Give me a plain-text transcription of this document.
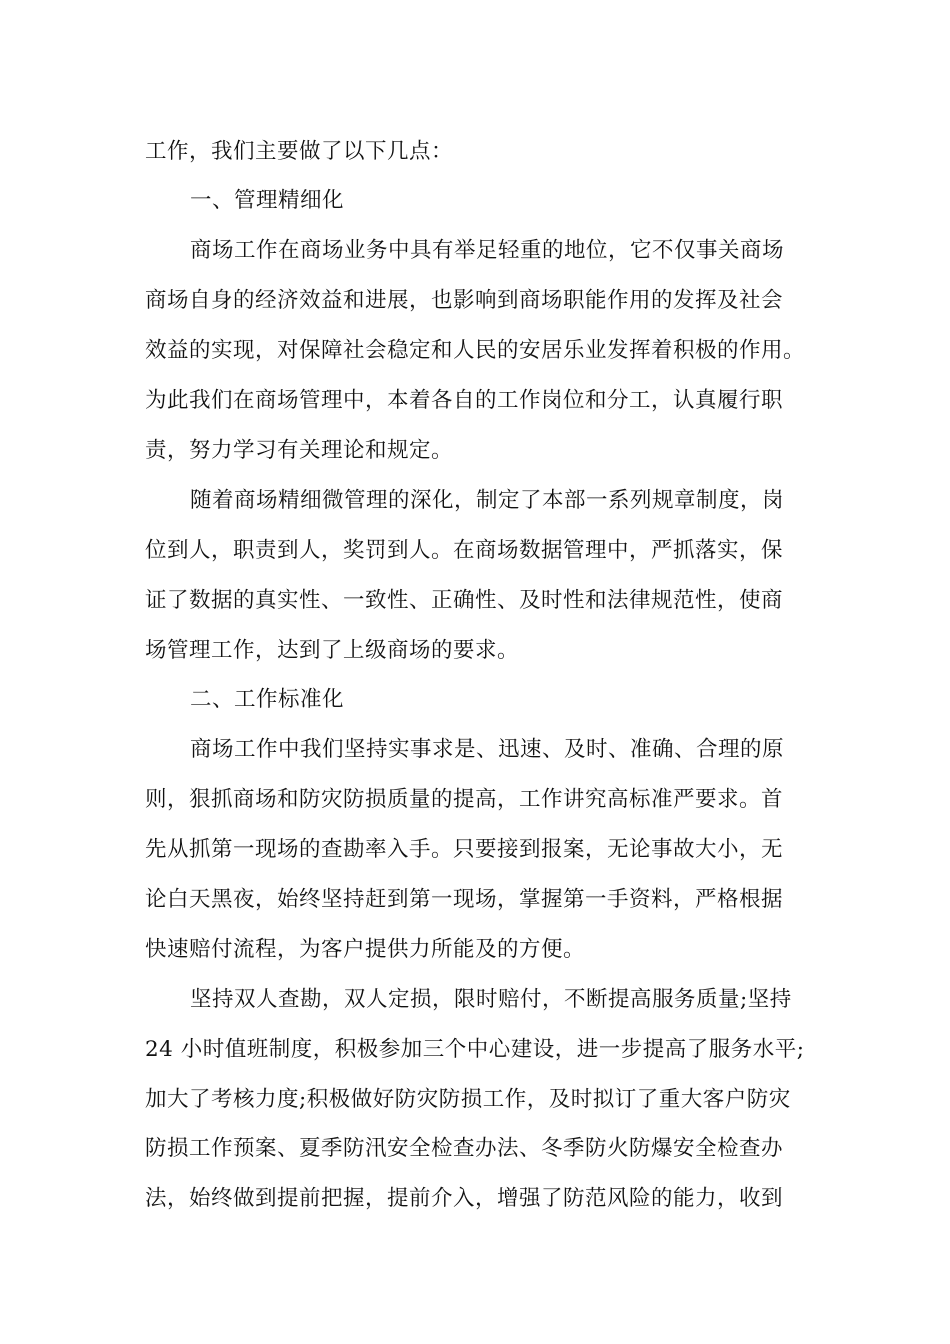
工作，我们主要做了以下几点：
一、管理精细化
商场工作在商场业务中具有举足轻重的地位，它不仅事关商场
商场自身的经济效益和进展，也影响到商场职能作用的发挥及社会
效益的实现，对保障社会稳定和人民的安居乐业发挥着积极的作用。
为此我们在商场管理中，本着各自的工作岗位和分工，认真履行职
责，努力学习有关理论和规定。
随着商场精细微管理的深化，制定了本部一系列规章制度，岗
位到人，职责到人，奖罚到人。在商场数据管理中，严抓落实，保
证了数据的真实性、一致性、正确性、及时性和法律规范性，使商
场管理工作，达到了上级商场的要求。
二、工作标准化
商场工作中我们坚持实事求是、迅速、及时、准确、合理的原
则，狠抓商场和防灾防损质量的提高，工作讲究高标准严要求。首
先从抓第一现场的查勘率入手。只要接到报案，无论事故大小，无
论白天黑夜，始终坚持赶到第一现场，掌握第一手资料，严格根据
快速赔付流程，为客户提供力所能及的方便。
坚持双人查勘，双人定损，限时赔付，不断提高服务质量;坚持
24 小时值班制度，积极参加三个中心建设，进一步提高了服务水平;
加大了考核力度;积极做好防灾防损工作，及时拟订了重大客户防灾
防损工作预案、夏季防汛安全检查办法、冬季防火防爆安全检查办
法，始终做到提前把握，提前介入，增强了防范风险的能力，收到
